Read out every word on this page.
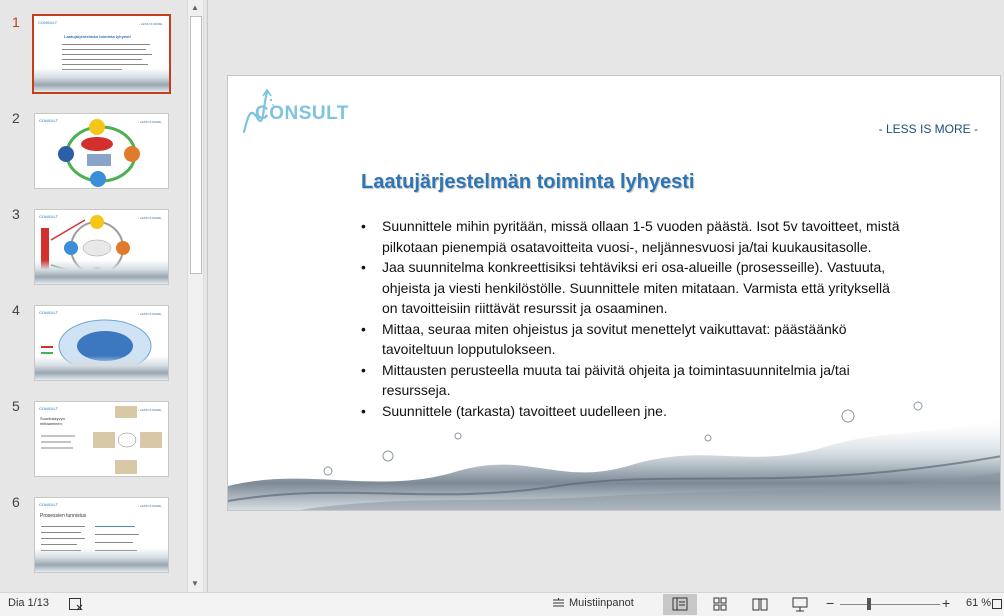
1	CONSULT	- LESS IS MORE -
Laatujärjestelmän toiminta lyhyesti
2	CONSULT	- LESS IS MORE -
3	CONSULT	- LESS IS MORE -
4	CONSULT	- LESS IS MORE -
5	CONSULT	- LESS IS MORE -
Suorituskyvyn mittaaminen
6	CONSULT	- LESS IS MORE -
Prosessien tunnistus
▲
▼
CONSULT
- LESS IS MORE -
Laatujärjestelmän toiminta lyhyesti
• Suunnittele mihin pyritään, missä ollaan 1-5 vuoden päästä. Isot 5v tavoitteet, mistä pilkotaan pienempiä osatavoitteita vuosi-, neljännesvuosi ja/tai kuukausitasolle.
• Jaa suunnitelma konkreettisiksi tehtäviksi eri osa-alueille (prosesseille). Vastuuta, ohjeista ja viesti henkilöstölle. Suunnittele miten mitataan. Varmista että yrityksellä on tavoitteisiin riittävät resurssit ja osaaminen.
• Mittaa, seuraa miten ohjeistus ja sovitut menettelyt vaikuttavat: päästäänkö tavoiteltuun lopputulokseen.
• Mittausten perusteella muuta tai päivitä ohjeita ja toimintasuunnitelmia ja/tai resursseja.
• Suunnittele (tarkasta) tavoitteet uudelleen jne.
Dia 1/13	Muistiinpanot	−	+ 61 %
